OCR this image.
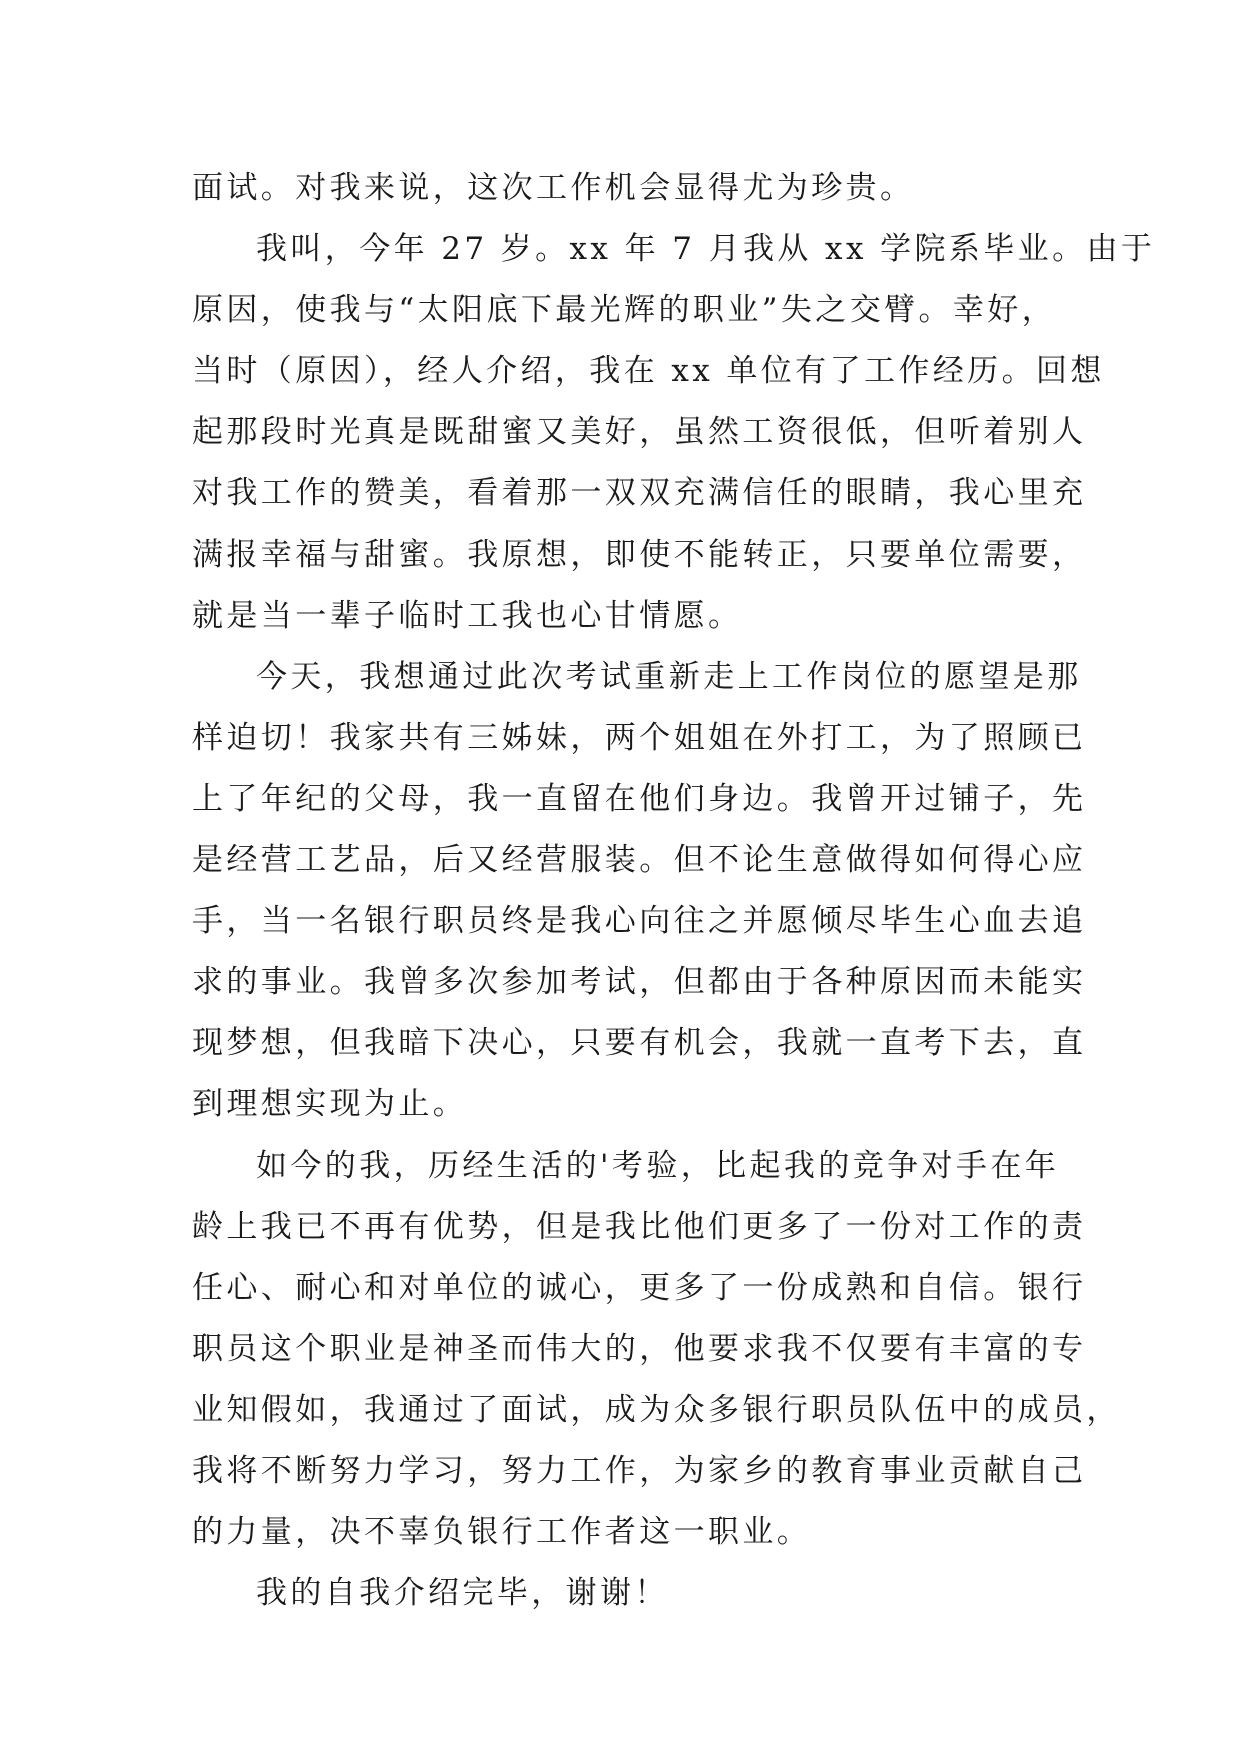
面试。对我来说，这次工作机会显得尤为珍贵。
我叫，今年 27 岁。xx 年 7 月我从 xx 学院系毕业。由于
原因，使我与“太阳底下最光辉的职业”失之交臂。幸好，
当时（原因），经人介绍，我在 xx 单位有了工作经历。回想
起那段时光真是既甜蜜又美好，虽然工资很低，但听着别人
对我工作的赞美，看着那一双双充满信任的眼睛，我心里充
满报幸福与甜蜜。我原想，即使不能转正，只要单位需要，
就是当一辈子临时工我也心甘情愿。
今天，我想通过此次考试重新走上工作岗位的愿望是那
样迫切！我家共有三姊妹，两个姐姐在外打工，为了照顾已
上了年纪的父母，我一直留在他们身边。我曾开过铺子，先
是经营工艺品，后又经营服装。但不论生意做得如何得心应
手，当一名银行职员终是我心向往之并愿倾尽毕生心血去追
求的事业。我曾多次参加考试，但都由于各种原因而未能实
现梦想，但我暗下决心，只要有机会，我就一直考下去，直
到理想实现为止。
如今的我，历经生活的'考验，比起我的竞争对手在年
龄上我已不再有优势，但是我比他们更多了一份对工作的责
任心、耐心和对单位的诚心，更多了一份成熟和自信。银行
职员这个职业是神圣而伟大的，他要求我不仅要有丰富的专
业知假如，我通过了面试，成为众多银行职员队伍中的成员，
我将不断努力学习，努力工作，为家乡的教育事业贡献自己
的力量，决不辜负银行工作者这一职业。
我的自我介绍完毕，谢谢！
